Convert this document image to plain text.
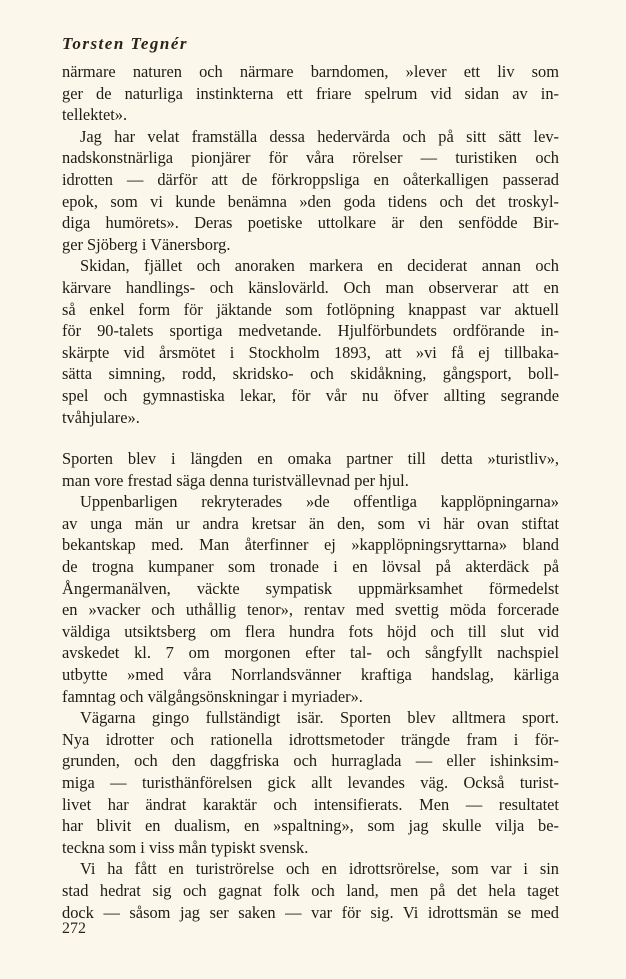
Torsten Tegnér
närmare naturen och närmare barndomen, »lever ett liv som
ger de naturliga instinkterna ett friare spelrum vid sidan av in-
tellektet».
Jag har velat framställa dessa hedervärda och på sitt sätt lev-
nadskonstnärliga pionjärer för våra rörelser — turistiken och
idrotten — därför att de förkroppsliga en oåterkalligen passerad
epok, som vi kunde benämna »den goda tidens och det troskyl-
diga humörets». Deras poetiske uttolkare är den senfödde Bir-
ger Sjöberg i Vänersborg.
Skidan, fjället och anoraken markera en deciderat annan och
kärvare handlings- och känslovärld. Och man observerar att en
så enkel form för jäktande som fotlöpning knappast var aktuell
för 90-talets sportiga medvetande. Hjulförbundets ordförande in-
skärpte vid årsmötet i Stockholm 1893, att »vi få ej tillbaka-
sätta simning, rodd, skridsko- och skidåkning, gångsport, boll-
spel och gymnastiska lekar, för vår nu öfver allting segrande
tvåhjulare».
Sporten blev i längden en omaka partner till detta »turistliv»,
man vore frestad säga denna turistvällevnad per hjul.
Uppenbarligen rekryterades »de offentliga kapplöpningarna»
av unga män ur andra kretsar än den, som vi här ovan stiftat
bekantskap med. Man återfinner ej »kapplöpningsryttarna» bland
de trogna kumpaner som tronade i en lövsal på akterdäck på
Ångermanälven, väckte sympatisk uppmärksamhet förmedelst
en »vacker och uthållig tenor», rentav med svettig möda forcerade
väldiga utsiktsberg om flera hundra fots höjd och till slut vid
avskedet kl. 7 om morgonen efter tal- och sångfyllt nachspiel
utbytte »med våra Norrlandsvänner kraftiga handslag, kärliga
famntag och välgångsönskningar i myriader».
Vägarna gingo fullständigt isär. Sporten blev alltmera sport.
Nya idrotter och rationella idrottsmetoder trängde fram i för-
grunden, och den daggfriska och hurraglada — eller ishinksim-
miga — turisthänförelsen gick allt levandes väg. Också turist-
livet har ändrat karaktär och intensifierats. Men — resultatet
har blivit en dualism, en »spaltning», som jag skulle vilja be-
teckna som i viss mån typiskt svensk.
Vi ha fått en turiströrelse och en idrottsrörelse, som var i sin
stad hedrat sig och gagnat folk och land, men på det hela taget
dock — såsom jag ser saken — var för sig. Vi idrottsmän se med
272
